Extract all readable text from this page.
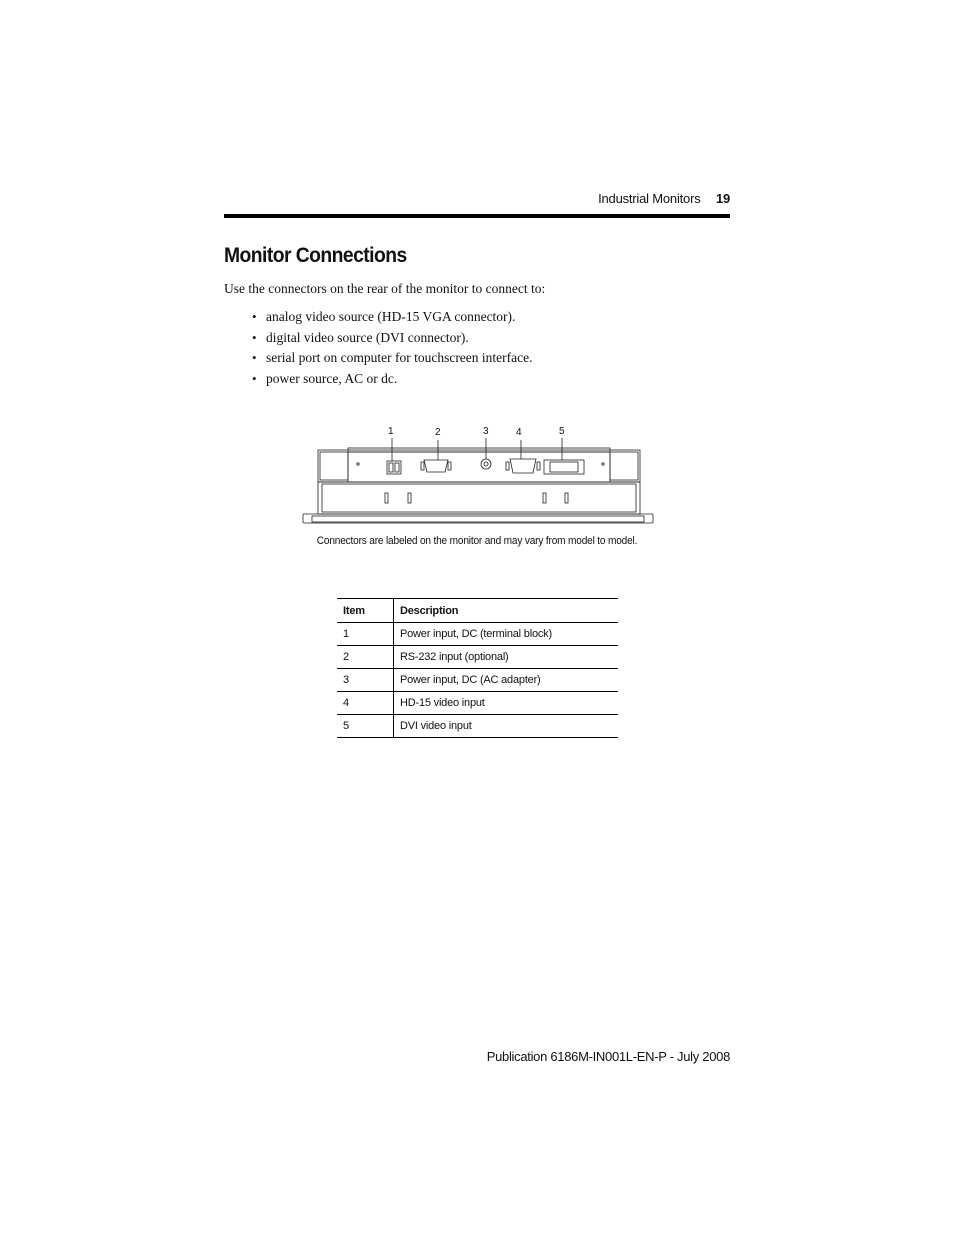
Industrial Monitors 19
Monitor Connections

Use the connectors on the rear of the monitor to connect to:

• analog video source (HD-15 VGA connector).
• digital video source (DVI connector).
• serial port on computer for touchscreen interface.
• power source, AC or dc.
1	2	3	4	5
Connectors are labeled on the monitor and may vary from model to model.
Item	Description
1	Power input, DC (terminal block)
2	RS-232 input (optional)
3	Power input, DC (AC adapter)
4	HD-15 video input
5	DVI video input
Publication 6186M-IN001L-EN-P - July 2008
